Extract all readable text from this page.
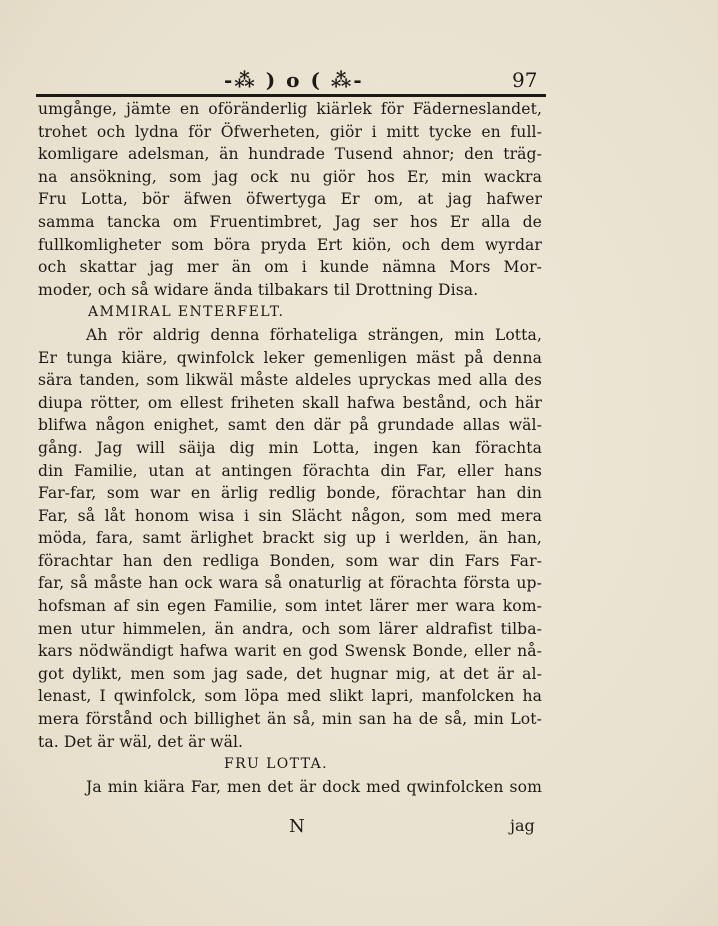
-⁂ ) o ( ⁂-	97
umgånge, jämte en oföränderlig kiärlek för Fäderneslandet,
trohet och lydna för Öfwerheten, giör i mitt tycke en full‑
komligare adelsman, än hundrade Tusend ahnor; den träg‑
na ansökning, som jag ock nu giör hos Er, min wackra
Fru Lotta, bör äfwen öfwertyga Er om, at jag hafwer
samma tancka om Fruentimbret, Jag ser hos Er alla de
fullkomligheter som böra pryda Ert kiön, och dem wyrdar
och skattar jag mer än om i kunde nämna Mors Mor‑
moder, och så widare ända tilbakars til Drottning Disa.
AMMIRAL ENTERFELT.
Ah rör aldrig denna förhateliga strängen, min Lotta,
Er tunga kiäre, qwinfolck leker gemenligen mäst på denna
sära tanden, som likwäl måste aldeles upryckas med alla des
diupa rötter, om ellest friheten skall hafwa bestånd, och här
blifwa någon enighet, samt den där på grundade allas wäl‑
gång. Jag will säija dig min Lotta, ingen kan förachta
din Familie, utan at antingen förachta din Far, eller hans
Far‑far, som war en ärlig redlig bonde, förachtar han din
Far, så låt honom wisa i sin Slächt någon, som med mera
möda, fara, samt ärlighet brackt sig up i werlden, än han,
förachtar han den redliga Bonden, som war din Fars Far‑
far, så måste han ock wara så onaturlig at förachta första up‑
hofsman af sin egen Familie, som intet lärer mer wara kom‑
men utur himmelen, än andra, och som lärer aldrafist tilba‑
kars nödwändigt hafwa warit en god Swensk Bonde, eller nå‑
got dylikt, men som jag sade, det hugnar mig, at det är al‑
lenast, I qwinfolck, som löpa med slikt lapri, manfolcken ha
mera förstånd och billighet än så, min san ha de så, min Lot‑
ta. Det är wäl, det är wäl.
FRU LOTTA.
Ja min kiära Far, men det är dock med qwinfolcken som
N	jag
